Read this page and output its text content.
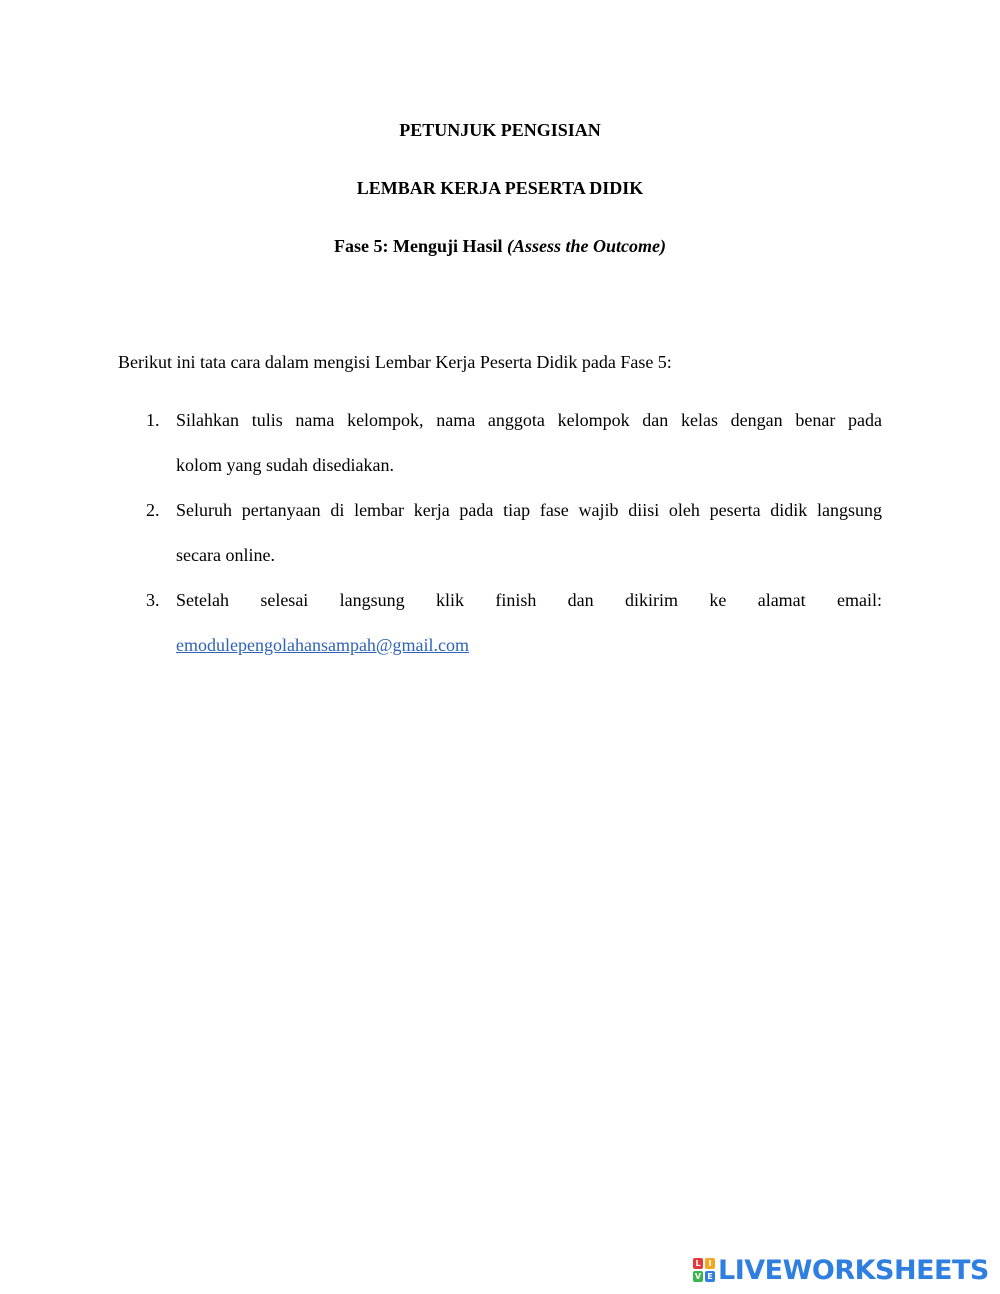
PETUNJUK PENGISIAN
LEMBAR KERJA PESERTA DIDIK
Fase 5: Menguji Hasil (Assess the Outcome)
Berikut ini tata cara dalam mengisi Lembar Kerja Peserta Didik pada Fase 5:
1. Silahkan tulis nama kelompok, nama anggota kelompok dan kelas dengan benar pada
kolom yang sudah disediakan.
2. Seluruh pertanyaan di lembar kerja pada tiap fase wajib diisi oleh peserta didik langsung
secara online.
3. Setelah selesai langsung klik finish dan dikirim ke alamat email:
emodulepengolahansampah@gmail.com
L I
V E LIVEWORKSHEETS
